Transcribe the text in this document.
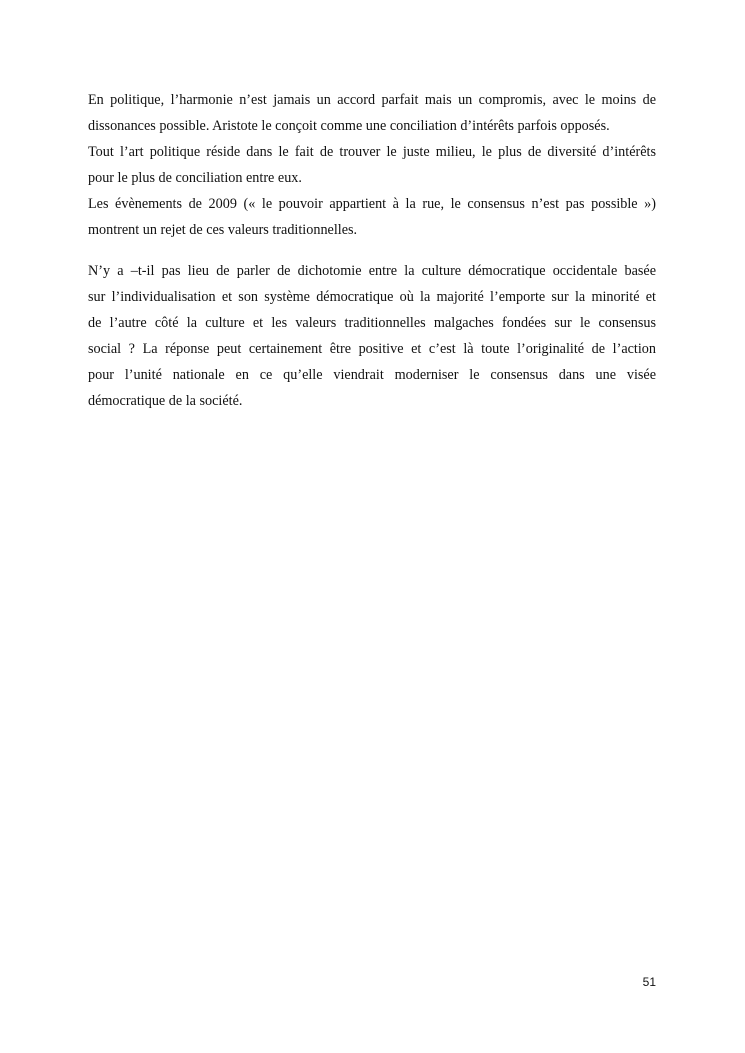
En politique, l’harmonie n’est jamais un accord parfait mais un compromis, avec le moins de
dissonances possible. Aristote le conçoit comme une conciliation d’intérêts parfois opposés.
Tout l’art politique réside dans le fait de trouver le juste milieu, le plus de diversité d’intérêts
pour le plus de conciliation entre eux.
Les évènements de 2009 (« le pouvoir appartient à la rue, le consensus n’est pas possible »)
montrent un rejet de ces valeurs traditionnelles.
N’y a –t-il pas lieu de parler de dichotomie entre la culture démocratique occidentale basée
sur l’individualisation et son système démocratique où la majorité l’emporte sur la minorité et
de l’autre côté la culture et les valeurs traditionnelles malgaches fondées sur le consensus
social ? La réponse peut certainement être positive et c’est là toute l’originalité de l’action
pour l’unité nationale en ce qu’elle viendrait moderniser le consensus dans une visée
démocratique de la société.
51
